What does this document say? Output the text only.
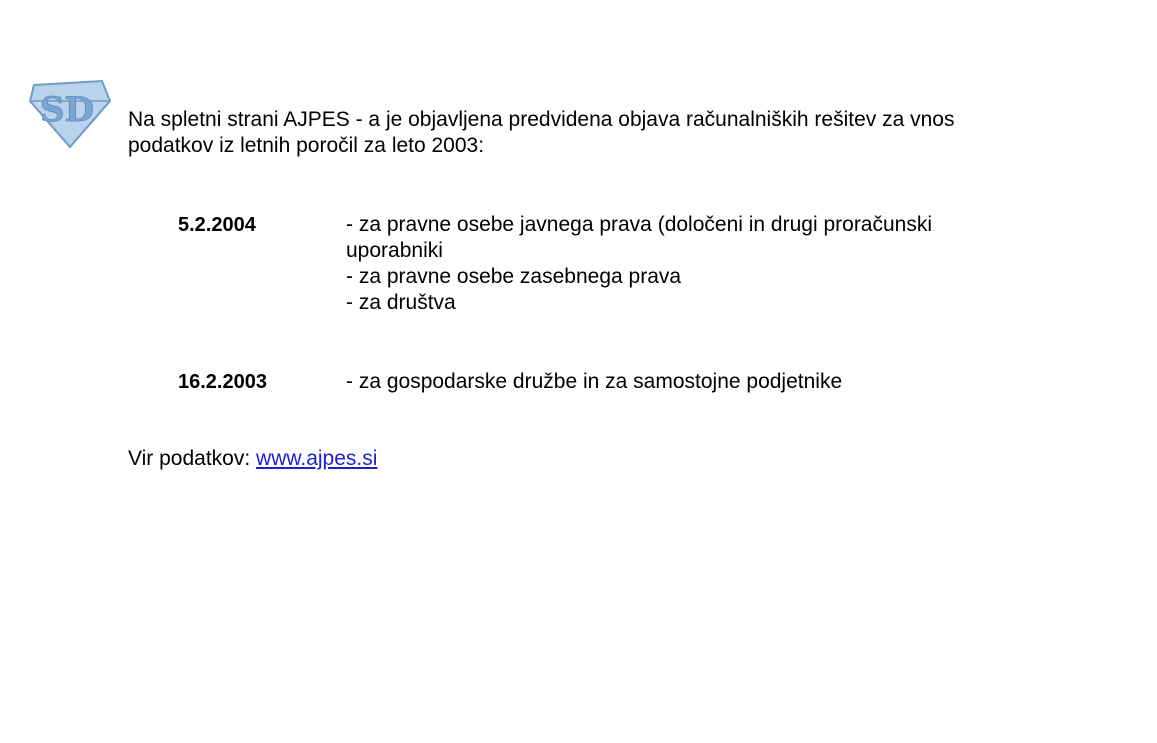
SD Na spletni strani AJPES - a je objavljena predvidena objava računalniških rešitev za vnos
podatkov iz letnih poročil za leto 2003:

5.2.2004	- za pravne osebe javnega prava (določeni in drugi proračunski
uporabniki
- za pravne osebe zasebnega prava
- za društva
16.2.2003	- za gospodarske družbe in za samostojne podjetnike
Vir podatkov: www.ajpes.si
